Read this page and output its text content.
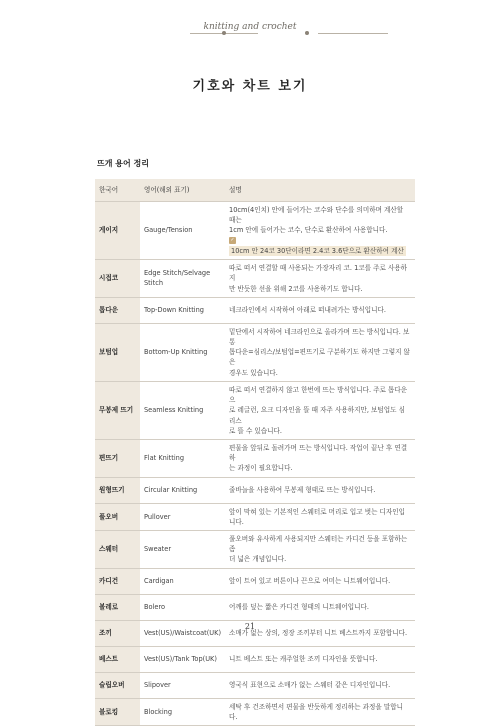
knitting and crochet
기호와 차트 보기
뜨개 용어 정리
한국어	영어(해외 표기)	설명
게이지	Gauge/Tension	10cm(4인치) 안에 들어가는 코수와 단수를 의미하며 계산할 때는
1cm 안에 들어가는 코수, 단수로 환산하여 사용합니다.
✓10cm 안 24코 30단이라면 2.4코 3.6단으로 환산하여 계산

시접코	Edge Stitch/Selvage Stitch	따로 떠서 연결할 때 사용되는 가장자리 코. 1코를 주로 사용하지
만 반듯한 선을 위해 2코를 사용하기도 합니다.

톱다운	Top-Down Knitting	네크라인에서 시작하여 아래로 떠내려가는 방식입니다.

보텀업	Bottom-Up Knitting	밑단에서 시작하여 네크라인으로 올라가며 뜨는 방식입니다. 보통
톱다운=심리스/보텀업=편뜨기로 구분하기도 하지만 그렇지 않은
경우도 있습니다.

무봉제 뜨기	Seamless Knitting	따로 떠서 연결하지 않고 한번에 뜨는 방식입니다. 주로 톱다운으
로 레글런, 요크 디자인을 뜰 때 자주 사용하지만, 보텀업도 심리스
로 뜰 수 있습니다.

편뜨기	Flat Knitting	편물을 앞뒤로 돌려가며 뜨는 방식입니다. 작업이 끝난 후 연결하
는 과정이 필요합니다.

원형뜨기	Circular Knitting	줄바늘을 사용하여 무봉제 형태로 뜨는 방식입니다.

풀오버	Pullover	앞이 막혀 있는 기본적인 스웨터로 머리로 입고 벗는 디자인입니다.

스웨터	Sweater	풀오버와 유사하게 사용되지만 스웨터는 카디건 등을 포함하는 좀
더 넓은 개념입니다.

카디건	Cardigan	앞이 트여 있고 버튼이나 끈으로 여미는 니트웨어입니다.

볼레로	Bolero	어깨를 덮는 짧은 카디건 형태의 니트웨어입니다.

조끼	Vest(US)/Waistcoat(UK)	소매가 없는 상의, 정장 조끼부터 니트 베스트까지 포함합니다.

베스트	Vest(US)/Tank Top(UK)	니트 베스트 또는 캐주얼한 조끼 디자인을 뜻합니다.

슬립오버	Slipover	영국식 표현으로 소매가 없는 스웨터 같은 디자인입니다.

블로킹	Blocking	세탁 후 건조하면서 편물을 반듯하게 정리하는 과정을 말합니다.
21
